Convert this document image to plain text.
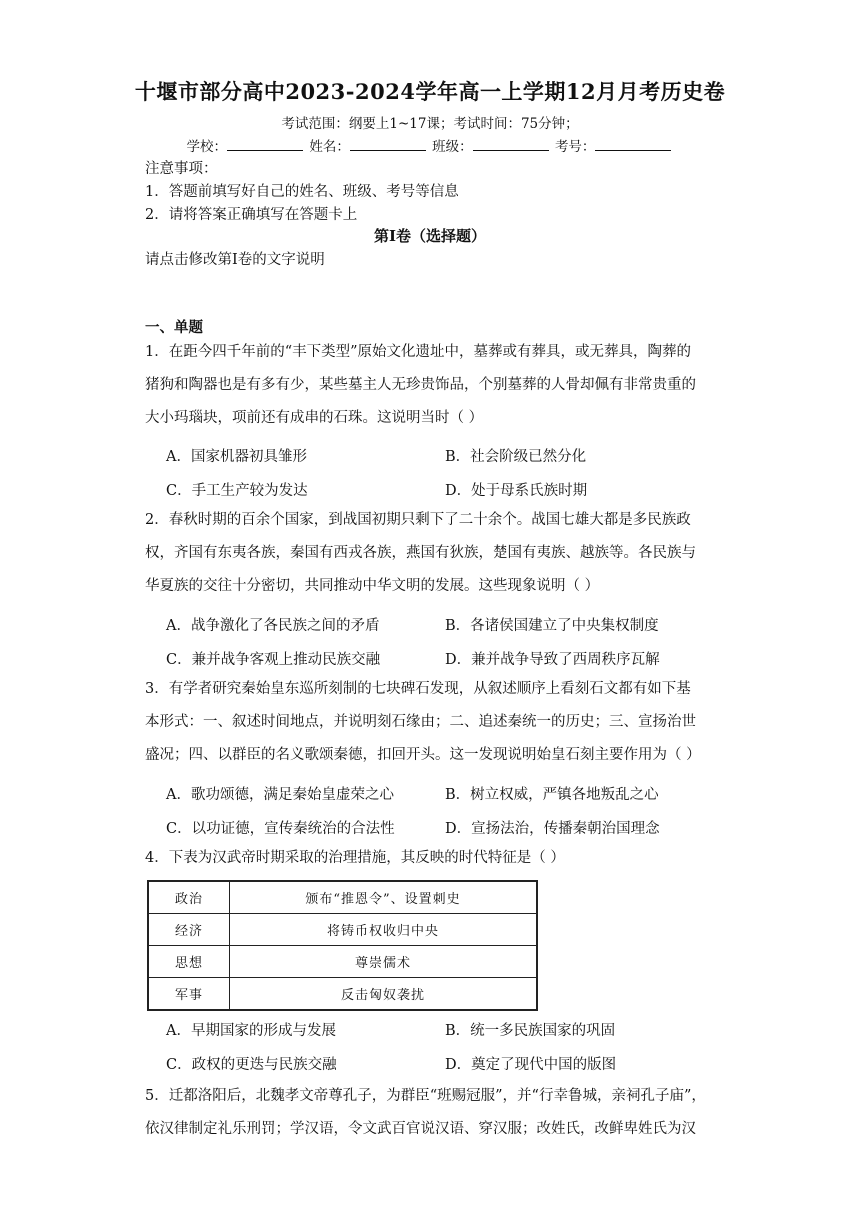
十堰市部分高中2023-2024学年高一上学期12月月考历史卷
考试范围：纲要上1~17课；考试时间：75分钟；
学校：	姓名：	班级：	考号：
注意事项：
1．答题前填写好自己的姓名、班级、考号等信息
2．请将答案正确填写在答题卡上
第I卷（选择题）
请点击修改第I卷的文字说明
一、单题
1．在距今四千年前的“丰下类型”原始文化遗址中，墓葬或有葬具，或无葬具，陶葬的
猪狗和陶器也是有多有少，某些墓主人无珍贵饰品，个别墓葬的人骨却佩有非常贵重的
大小玛瑙块，项前还有成串的石珠。这说明当时（ ）
A．国家机器初具雏形	B．社会阶级已然分化
C．手工生产较为发达	D．处于母系氏族时期
2．春秋时期的百余个国家，到战国初期只剩下了二十余个。战国七雄大都是多民族政
权，齐国有东夷各族，秦国有西戎各族，燕国有狄族，楚国有夷族、越族等。各民族与
华夏族的交往十分密切，共同推动中华文明的发展。这些现象说明（ ）
A．战争激化了各民族之间的矛盾	B．各诸侯国建立了中央集权制度
C．兼并战争客观上推动民族交融	D．兼并战争导致了西周秩序瓦解
3．有学者研究秦始皇东巡所刻制的七块碑石发现，从叙述顺序上看刻石文都有如下基
本形式：一、叙述时间地点，并说明刻石缘由；二、追述秦统一的历史；三、宣扬治世
盛况；四、以群臣的名义歌颂秦德，扣回开头。这一发现说明始皇石刻主要作用为（ ）
A．歌功颂德，满足秦始皇虚荣之心	B．树立权威，严镇各地叛乱之心
C．以功证德，宣传秦统治的合法性	D．宣扬法治，传播秦朝治国理念
4．下表为汉武帝时期采取的治理措施，其反映的时代特征是（ ）
政治	颁布“推恩令”、设置刺史
经济	将铸币权收归中央
思想	尊崇儒术
军事	反击匈奴袭扰
A．早期国家的形成与发展	B．统一多民族国家的巩固
C．政权的更迭与民族交融	D．奠定了现代中国的版图
5．迁都洛阳后，北魏孝文帝尊孔子，为群臣“班赐冠服”，并“行幸鲁城，亲祠孔子庙”，
依汉律制定礼乐刑罚；学汉语，令文武百官说汉语、穿汉服；改姓氏，改鲜卑姓氏为汉
